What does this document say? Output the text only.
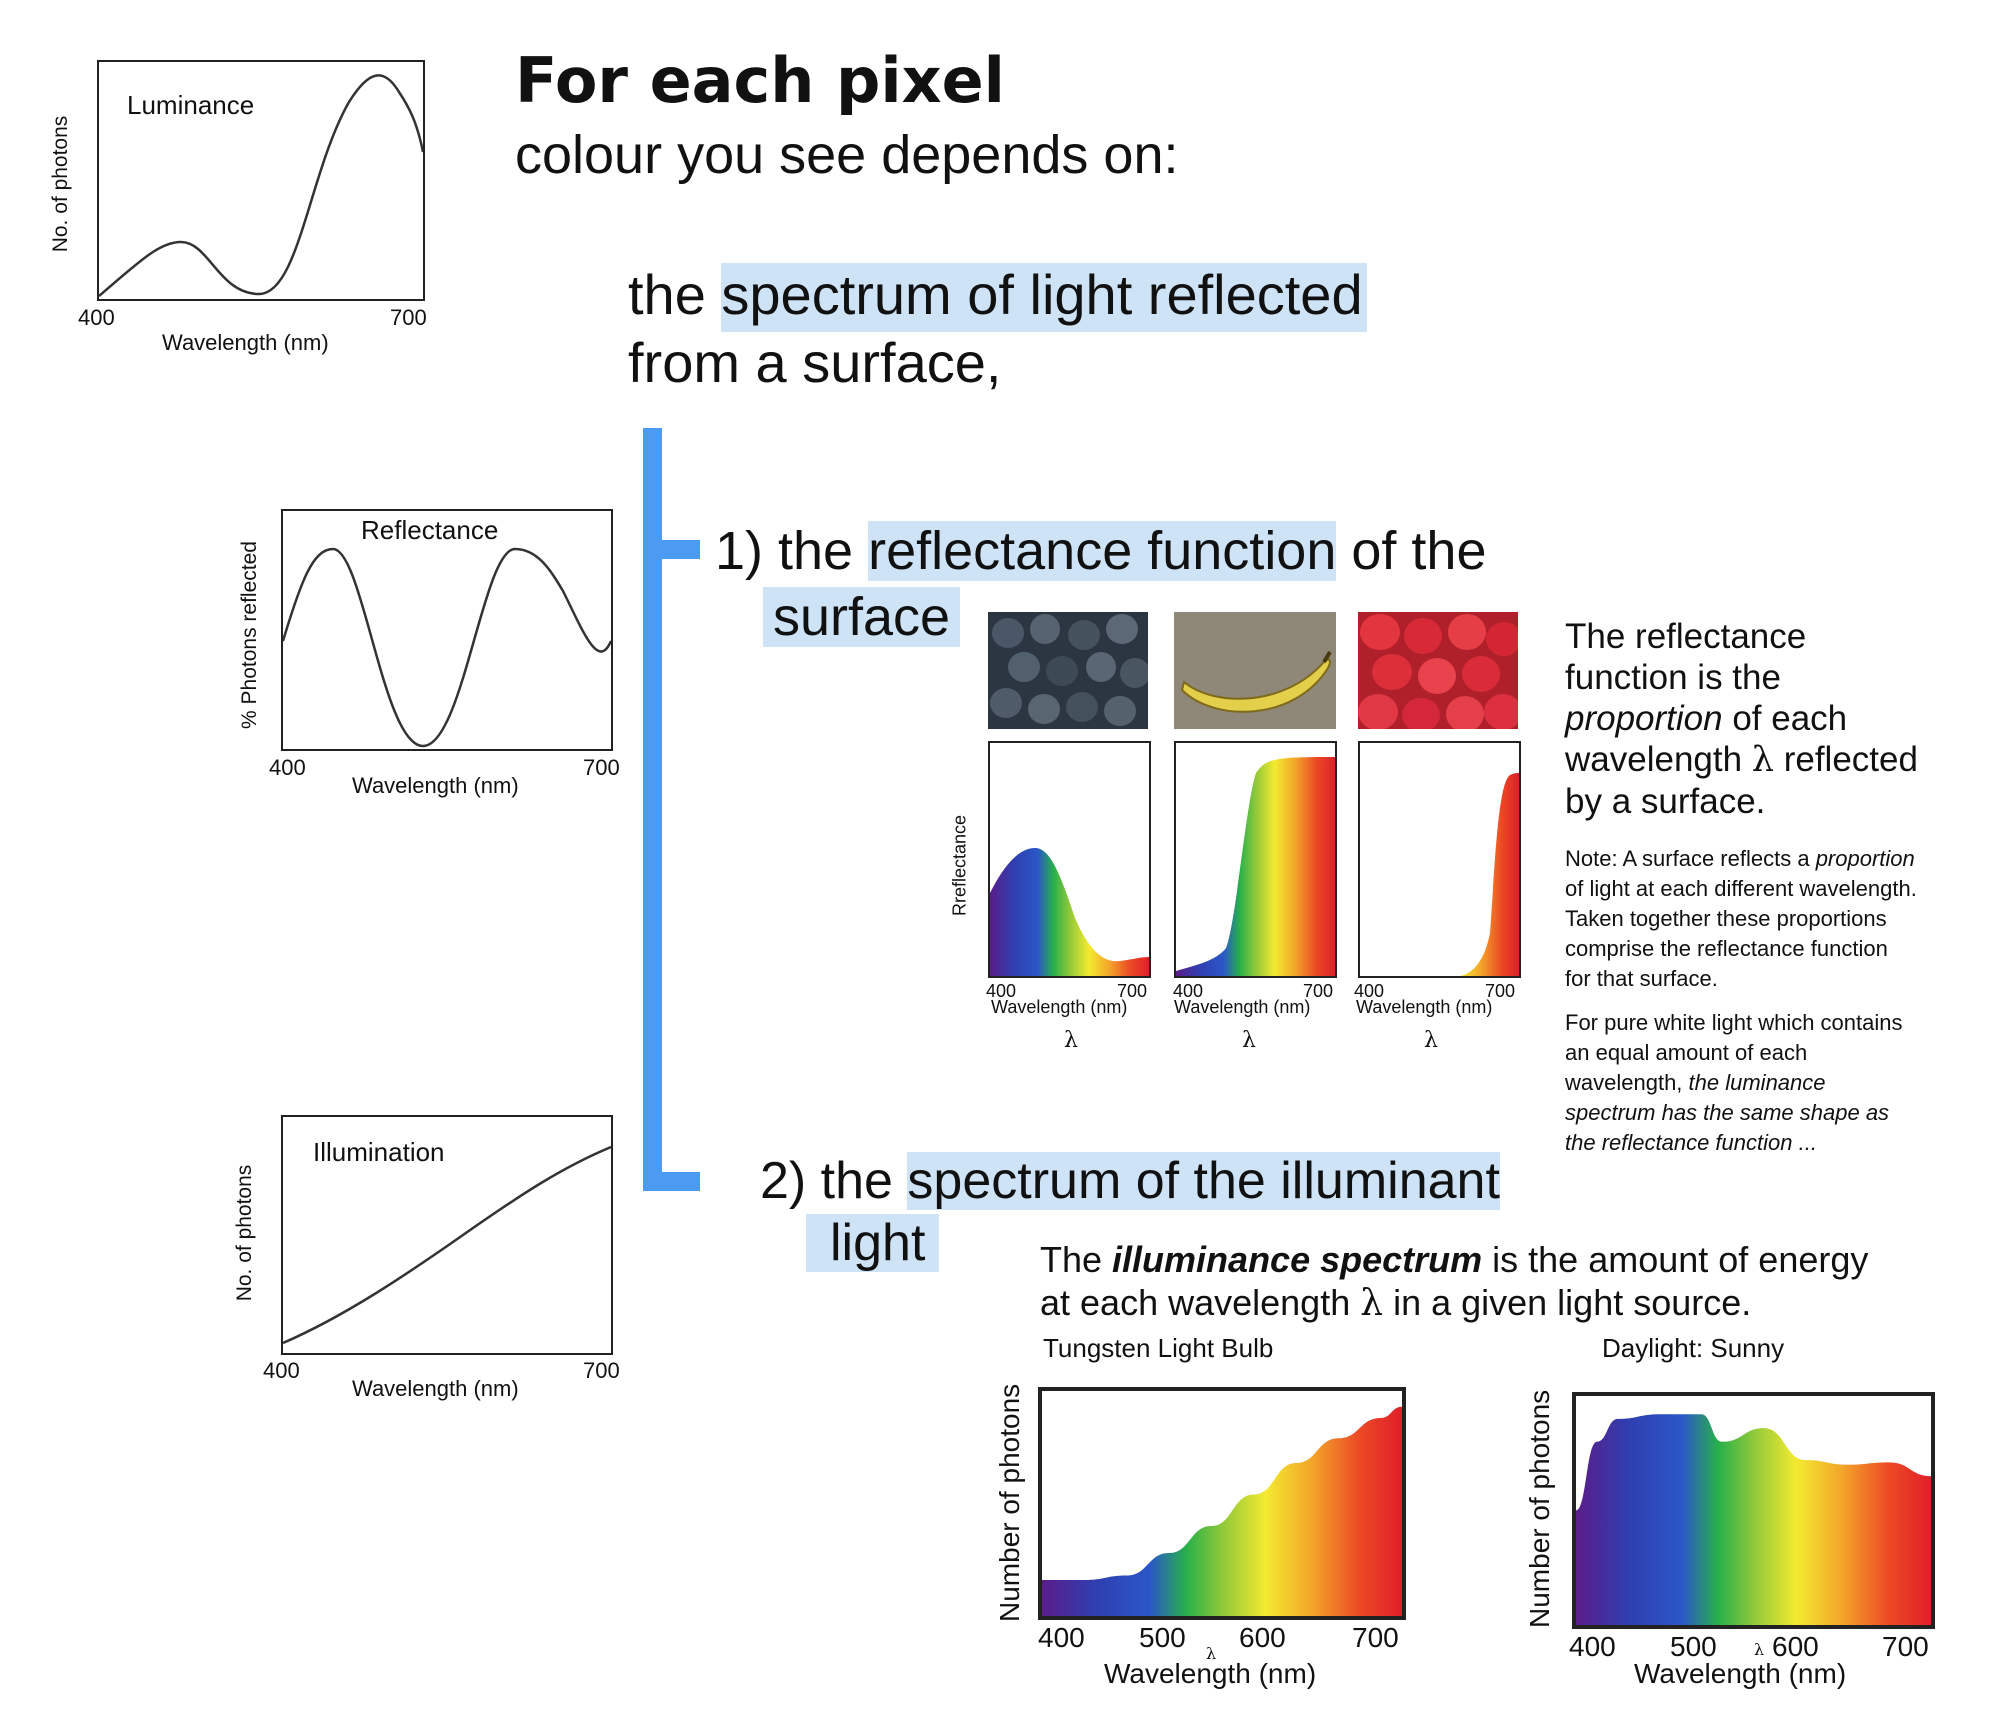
For each pixel
colour you see depends on:
the spectrum of light reflected
from a surface,
1) the reflectance function of the
surface
2) the spectrum of the illuminant
light
Luminance
No. of photons
400	700
Wavelength (nm)
Reflectance
% Photons reflected
400	700
Wavelength (nm)
Illumination
No. of photons
400	700
Wavelength (nm)
Rreflectance
400	700
Wavelength (nm)
λ
400	700
Wavelength (nm)
λ
400	700
Wavelength (nm)
λ
The reflectance
function is the
proportion of each
wavelength λ reflected
by a surface.
Note: A surface reflects a proportion
of light at each different wavelength.
Taken together these proportions
comprise the reflectance function
for that surface.
For pure white light which contains
an equal amount of each
wavelength, the luminance
spectrum has the same shape as
the reflectance function ...
The illuminance spectrum is the amount of energy
at each wavelength λ in a given light source.
Tungsten Light Bulb
Number of photons
400 500 600 700
λ
Wavelength (nm)
Daylight: Sunny
Number of photons
400 500 600 700
λ
Wavelength (nm)
